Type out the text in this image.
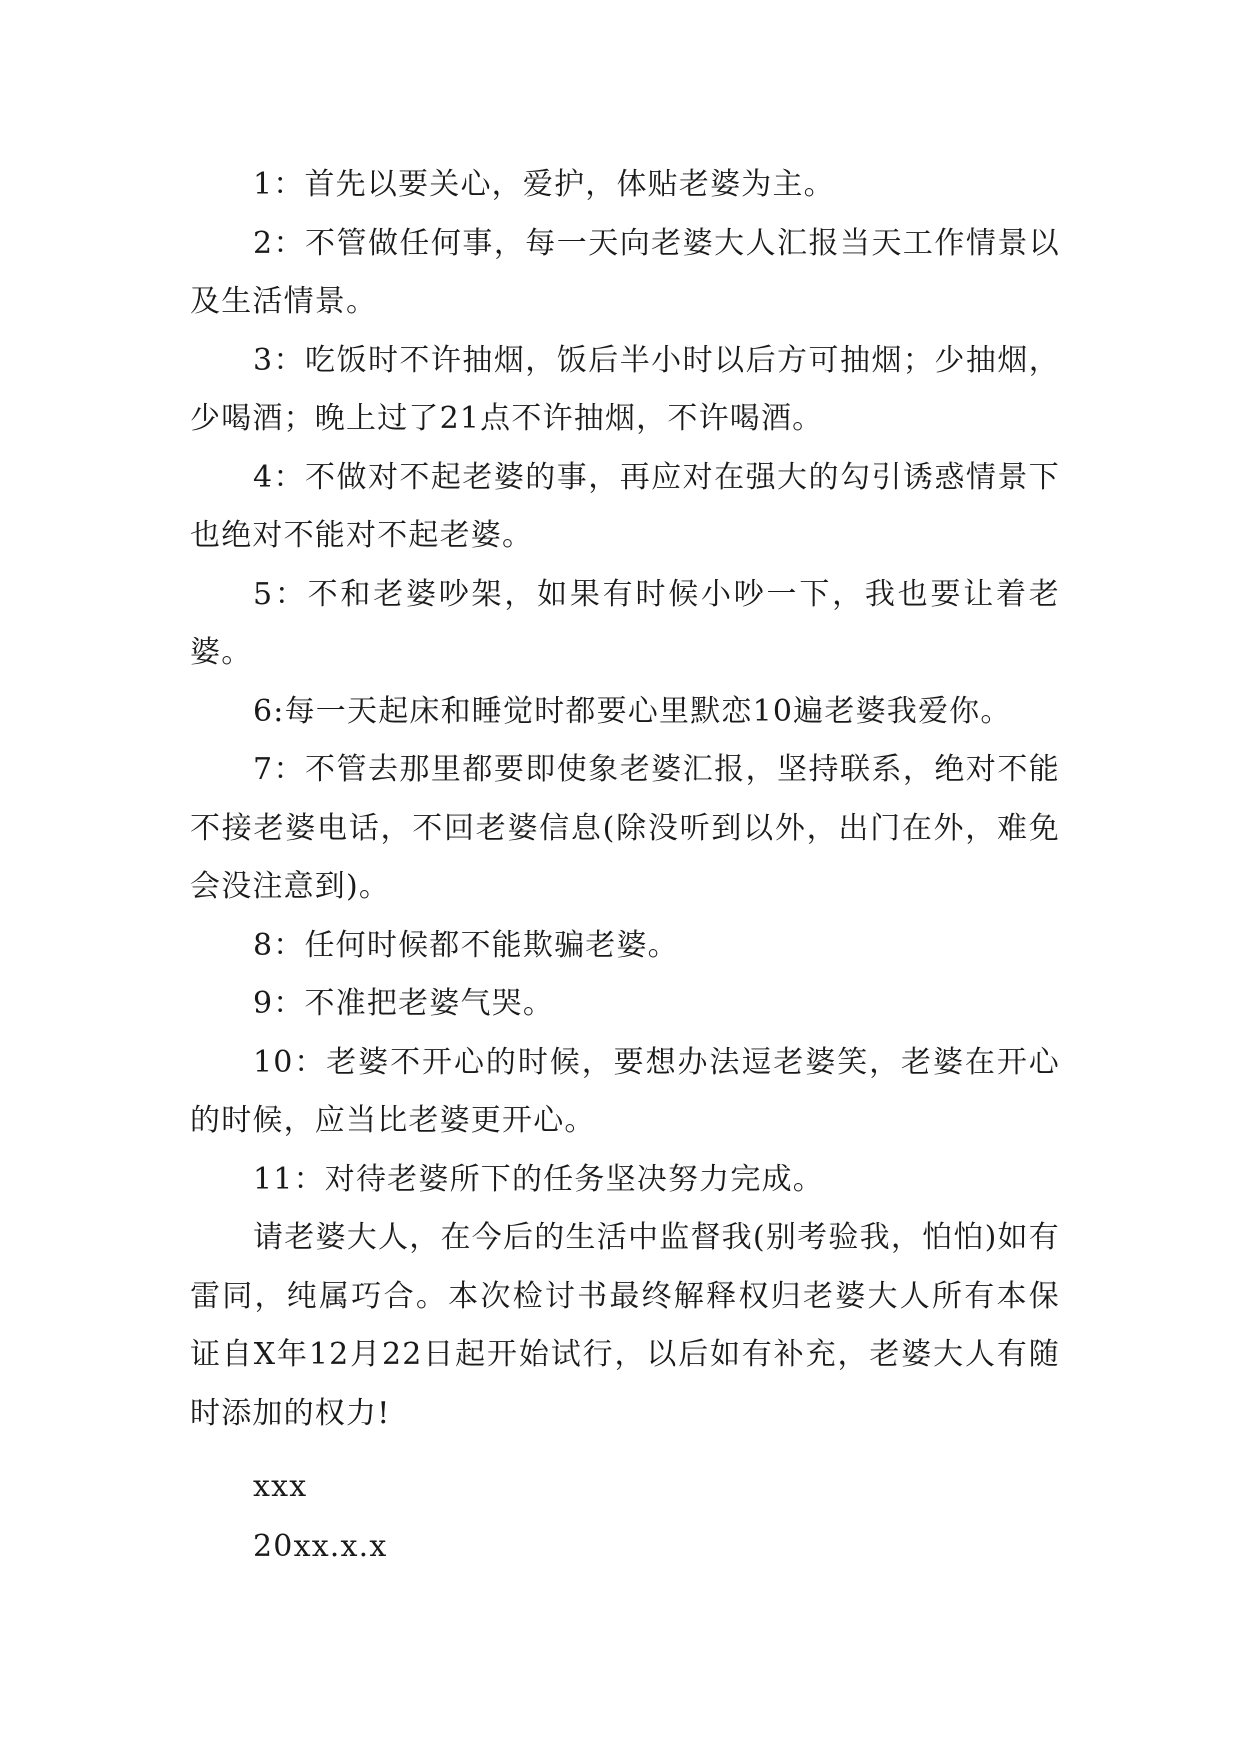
1：首先以要关心，爱护，体贴老婆为主。

2：不管做任何事，每一天向老婆大人汇报当天工作情景以及生活情景。

3：吃饭时不许抽烟，饭后半小时以后方可抽烟；少抽烟，少喝酒；晚上过了21点不许抽烟，不许喝酒。

4：不做对不起老婆的事，再应对在强大的勾引诱惑情景下也绝对不能对不起老婆。

5：不和老婆吵架，如果有时候小吵一下，我也要让着老婆。

6:每一天起床和睡觉时都要心里默恋10遍老婆我爱你。

7：不管去那里都要即使象老婆汇报，坚持联系，绝对不能不接老婆电话，不回老婆信息(除没听到以外，出门在外，难免会没注意到)。

8：任何时候都不能欺骗老婆。

9：不准把老婆气哭。

10：老婆不开心的时候，要想办法逗老婆笑，老婆在开心的时候，应当比老婆更开心。

11：对待老婆所下的任务坚决努力完成。

请老婆大人，在今后的生活中监督我(别考验我，怕怕)如有雷同，纯属巧合。本次检讨书最终解释权归老婆大人所有本保证自X年12月22日起开始试行，以后如有补充，老婆大人有随时添加的权力!

xxx

20xx.x.x
